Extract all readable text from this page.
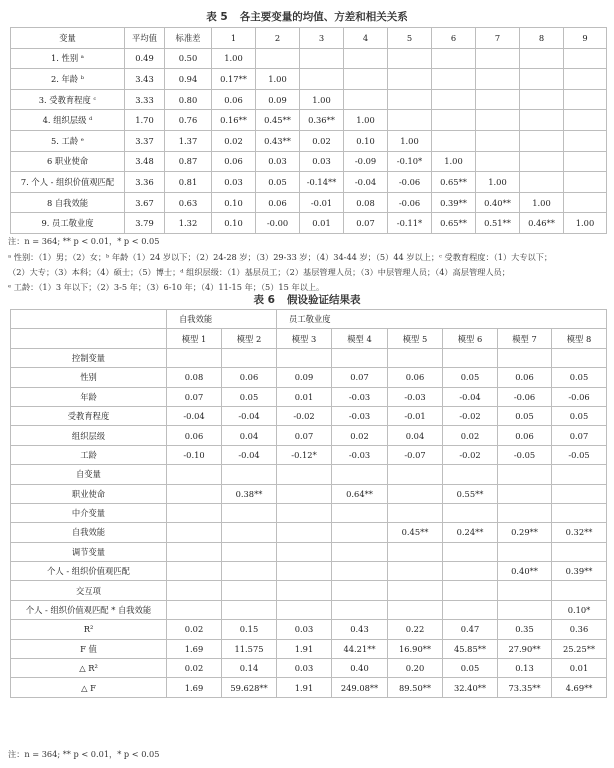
表 5 各主要变量的均值、方差和相关关系
变量	平均值	标准差	1	2	3	4	5	6	7	8	9
1. 性别 ᵃ	0.49	0.50	1.00								
2. 年龄 ᵇ	3.43	0.94	0.17**	1.00							
3. 受教育程度 ᶜ	3.33	0.80	0.06	0.09	1.00						
4. 组织层级 ᵈ	1.70	0.76	0.16**	0.45**	0.36**	1.00					
5. 工龄 ᵉ	3.37	1.37	0.02	0.43**	0.02	0.10	1.00				
6 职业使命	3.48	0.87	0.06	0.03	0.03	-0.09	-0.10*	1.00			
7. 个人 - 组织价值观匹配	3.36	0.81	0.03	0.05	-0.14**	-0.04	-0.06	0.65**	1.00		
8 自我效能	3.67	0.63	0.10	0.06	-0.01	0.08	-0.06	0.39**	0.40**	1.00	
9. 员工敬业度	3.79	1.32	0.10	-0.00	0.01	0.07	-0.11*	0.65**	0.51**	0.46**	1.00
注：n = 364; ** p < 0.01，* p < 0.05
ᵃ 性别：（1）男；（2）女；ᵇ 年龄（1）24 岁以下；（2）24-28 岁；（3）29-33 岁；（4）34-44 岁；（5）44 岁以上；ᶜ 受教育程度：（1）大专以下；
（2）大专；（3）本科；（4）硕士；（5）博士；ᵈ 组织层级：（1）基层员工；（2）基层管理人员；（3）中层管理人员；（4）高层管理人员；
ᵉ 工龄：（1）3 年以下；（2）3-5 年；（3）6-10 年；（4）11-15 年；（5）15 年以上。
表 6 假设验证结果表
	自我效能		员工敬业度					
	模型 1	模型 2	模型 3	模型 4	模型 5	模型 6	模型 7	模型 8
控制变量								
性别	0.08	0.06	0.09	0.07	0.06	0.05	0.06	0.05
年龄	0.07	0.05	0.01	-0.03	-0.03	-0.04	-0.06	-0.06
受教育程度	-0.04	-0.04	-0.02	-0.03	-0.01	-0.02	0.05	0.05
组织层级	0.06	0.04	0.07	0.02	0.04	0.02	0.06	0.07
工龄	-0.10	-0.04	-0.12*	-0.03	-0.07	-0.02	-0.05	-0.05
自变量								
职业使命		0.38**		0.64**		0.55**		
中介变量								
自我效能					0.45**	0.24**	0.29**	0.32**
调节变量								
个人 - 组织价值观匹配							0.40**	0.39**
交互项								
个人 - 组织价值观匹配 * 自我效能								0.10*
R²	0.02	0.15	0.03	0.43	0.22	0.47	0.35	0.36
F 值	1.69	11.575	1.91	44.21**	16.90**	45.85**	27.90**	25.25**
△ R²	0.02	0.14	0.03	0.40	0.20	0.05	0.13	0.01
△ F	1.69	59.628**	1.91	249.08**	89.50**	32.40**	73.35**	4.69**
注：n = 364; ** p < 0.01，* p < 0.05
